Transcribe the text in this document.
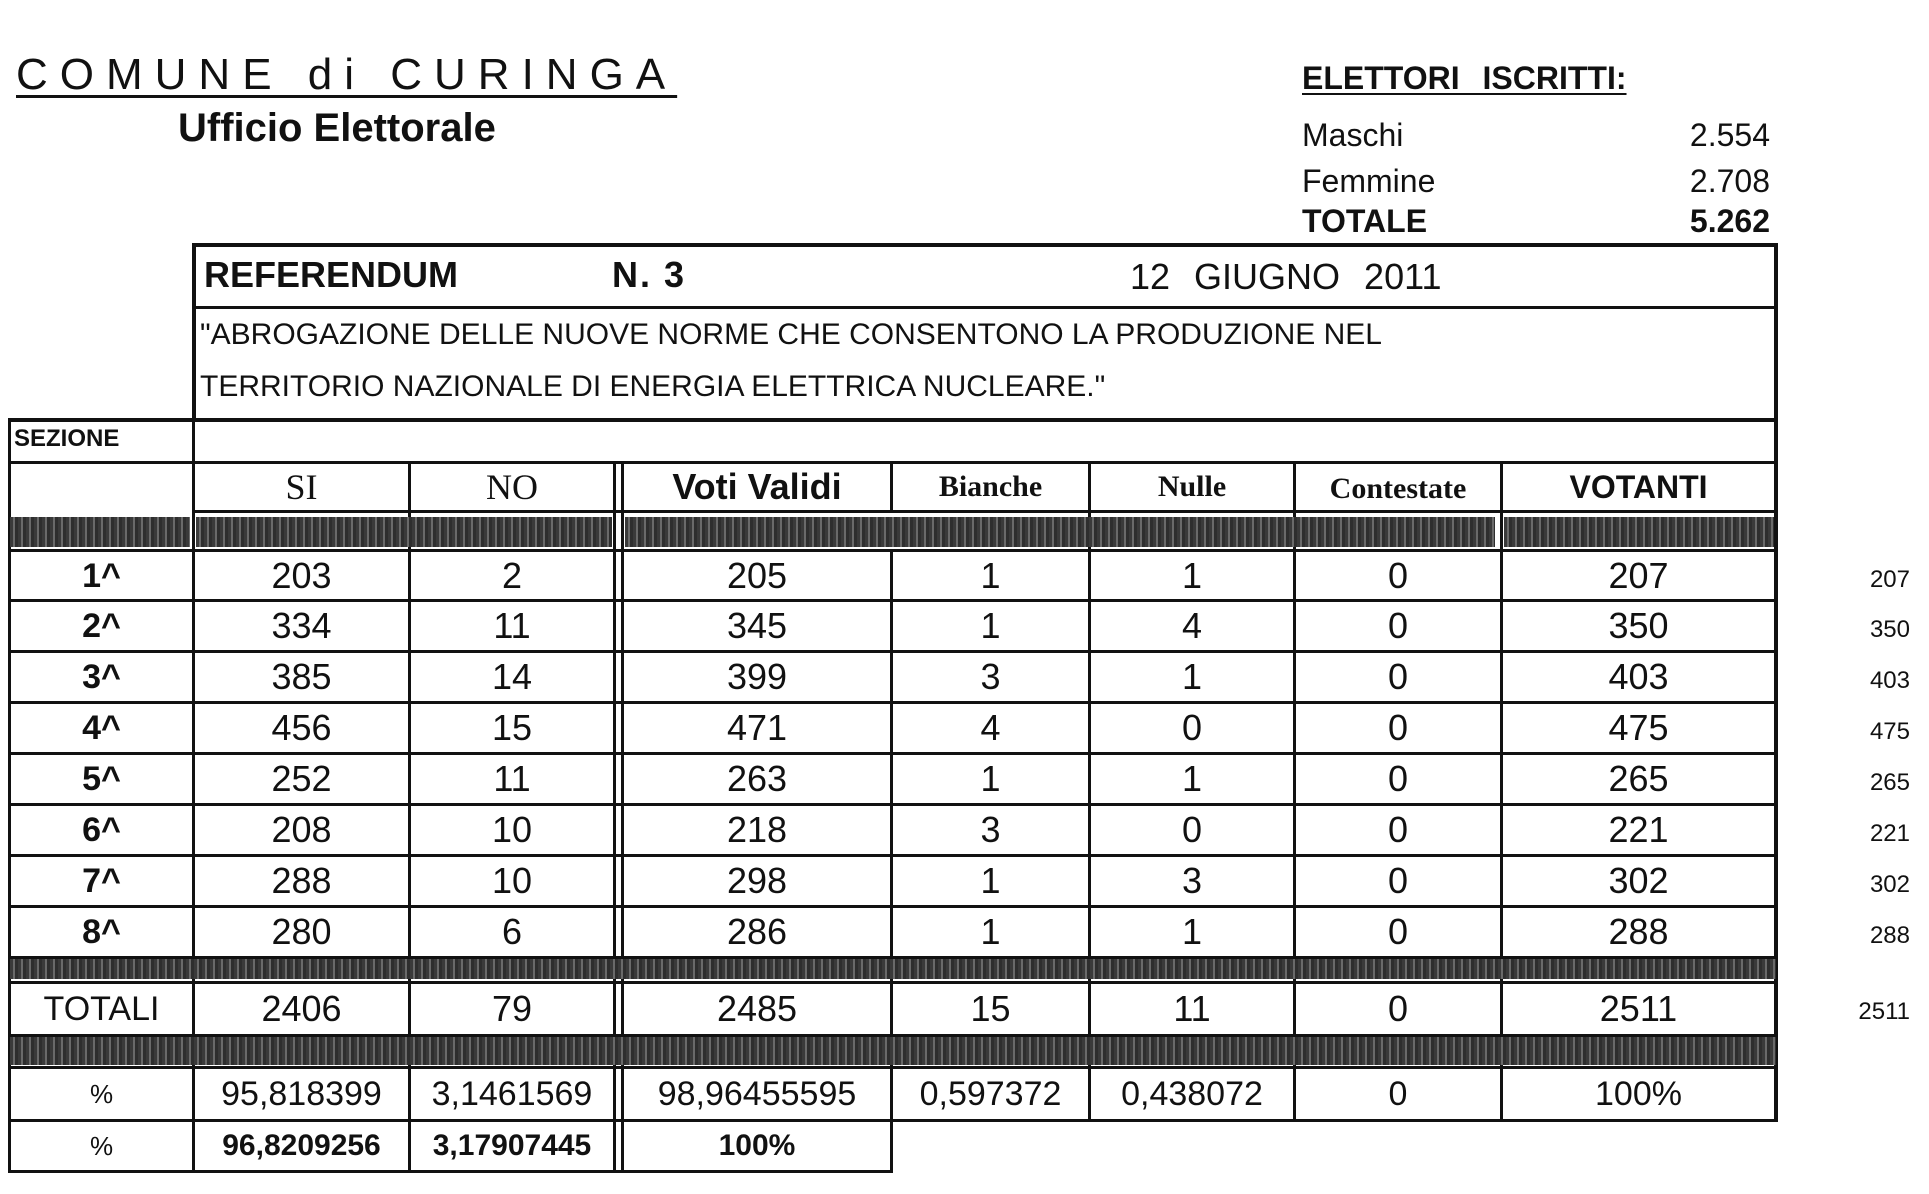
COMUNE di CURINGA
Ufficio Elettorale
ELETTORI ISCRITTI:
Maschi	2.554
Femmine	2.708
TOTALE	5.262
REFERENDUM	N. 3	12 GIUGNO 2011
"ABROGAZIONE DELLE NUOVE NORME CHE CONSENTONO LA PRODUZIONE NEL
TERRITORIO NAZIONALE DI ENERGIA ELETTRICA NUCLEARE."
SEZIONE
SI	NO	Voti Validi	Bianche	Nulle	Contestate	VOTANTI
1^	203	2	205	1	1	0	207	207
2^	334	11	345	1	4	0	350	350
3^	385	14	399	3	1	0	403	403
4^	456	15	471	4	0	0	475	475
5^	252	11	263	1	1	0	265	265
6^	208	10	218	3	0	0	221	221
7^	288	10	298	1	3	0	302	302
8^	280	6	286	1	1	0	288	288
TOTALI	2406	79	2485	15	11	0	2511	2511
%	95,818399	3,1461569	98,96455595	0,597372	0,438072	0	100%
%	96,8209256	3,17907445	100%
